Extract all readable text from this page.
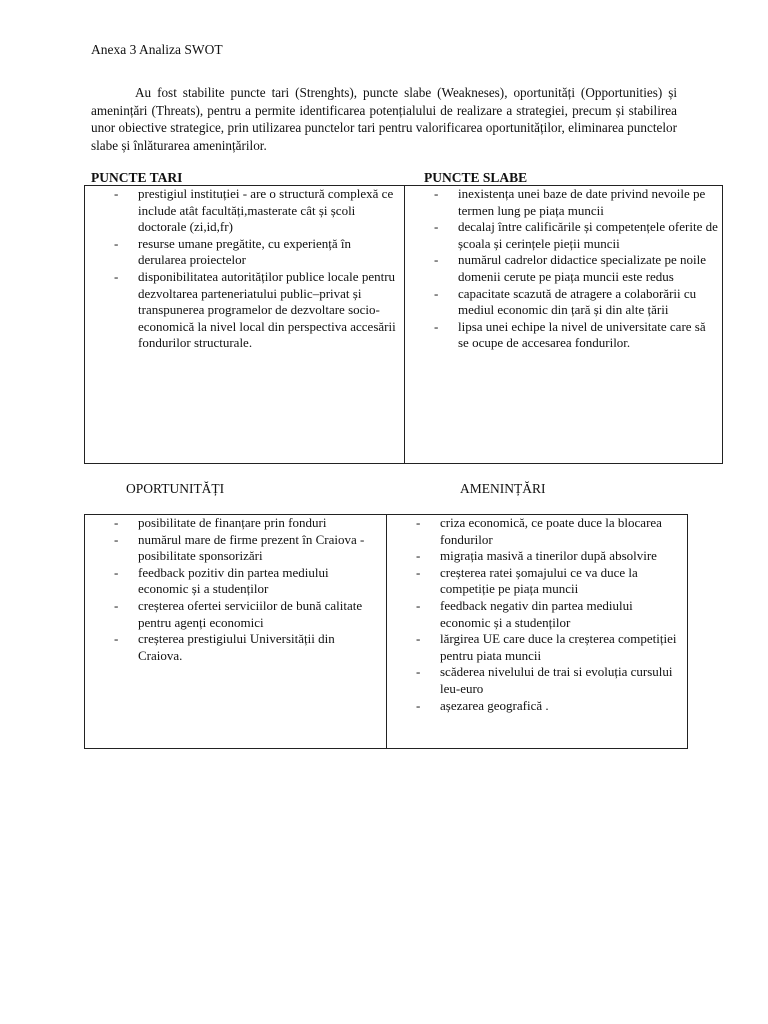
Anexa 3 Analiza SWOT

Au fost stabilite puncte tari (Strenghts), puncte slabe (Weakneses), oportunități (Opportunities) și amenințări (Threats), pentru a permite identificarea potențialului de realizare a strategiei, precum și stabilirea unor obiective strategice, prin utilizarea punctelor tari pentru valorificarea oportunităților, eliminarea punctelor slabe și înlăturarea amenințărilor.

PUNCTE TARI	PUNCTE SLABE
- prestigiul instituției - are o structură complexă ce include atât facultăți,masterate cât și școli doctorale (zi,id,fr)
- resurse umane pregătite, cu experiență în derularea proiectelor
- disponibilitatea autorităților publice locale pentru dezvoltarea parteneriatului public–privat și transpunerea programelor de dezvoltare socio-economică la nivel local din perspectiva accesării fondurilor structurale.

- inexistența unei baze de date privind nevoile pe termen lung pe piața muncii
- decalaj între calificările și competențele oferite de școala și cerințele pieții muncii
- numărul cadrelor didactice specializate pe noile domenii cerute pe piața muncii este redus
- capacitate scazută de atragere a colaborării cu mediul economic din țară și din alte țării
- lipsa unei echipe la nivel de universitate care să se ocupe de accesarea fondurilor.
OPORTUNITĂȚI	AMENINȚĂRI
- posibilitate de finanțare prin fonduri
- numărul mare de firme prezent în Craiova - posibilitate sponsorizări
- feedback pozitiv din partea mediului economic și a studenților
- creșterea ofertei serviciilor de bună calitate pentru agenți economici
- creșterea prestigiului Universității din Craiova.

- criza economică, ce poate duce la blocarea fondurilor
- migrația masivă a tinerilor după absolvire
- creșterea ratei șomajului ce va duce la competiție pe piața muncii
- feedback negativ din partea mediului economic și a studenților
- lărgirea UE care duce la creșterea competiției pentru piata muncii
- scăderea nivelului de trai si evoluția cursului leu-euro
- așezarea geografică .
